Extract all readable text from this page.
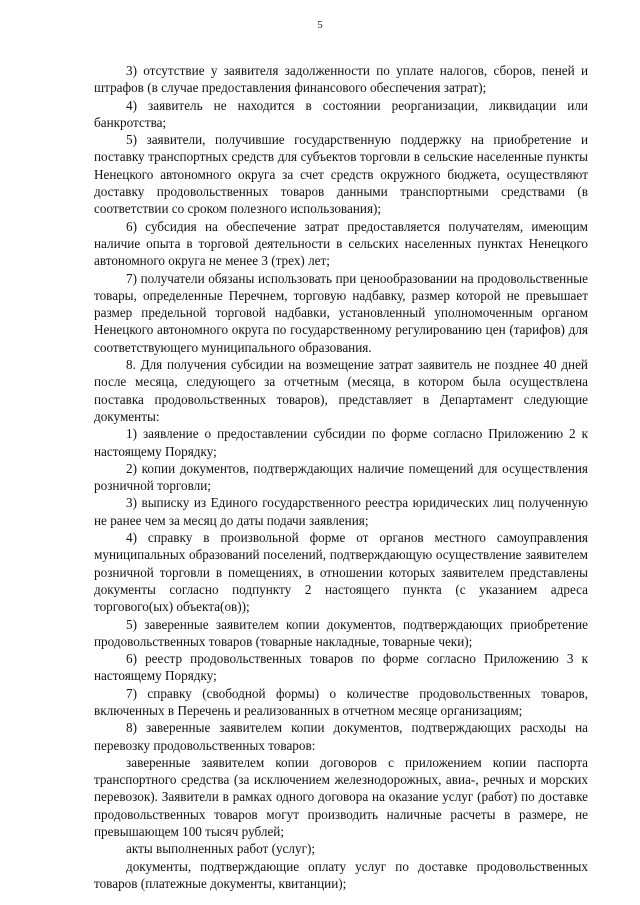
5

3) отсутствие у заявителя задолженности по уплате налогов, сборов, пеней и штрафов (в случае предоставления финансового обеспечения затрат);

4) заявитель не находится в состоянии реорганизации, ликвидации или банкротства;

5) заявители, получившие государственную поддержку на приобретение и поставку транспортных средств для субъектов торговли в сельские населенные пункты Ненецкого автономного округа за счет средств окружного бюджета, осуществляют доставку продовольственных товаров данными транспортными средствами (в соответствии со сроком полезного использования);

6) субсидия на обеспечение затрат предоставляется получателям, имеющим наличие опыта в торговой деятельности в сельских населенных пунктах Ненецкого автономного округа не менее 3 (трех) лет;

7) получатели обязаны использовать при ценообразовании на продовольственные товары, определенные Перечнем, торговую надбавку, размер которой не превышает размер предельной торговой надбавки, установленный уполномоченным органом Ненецкого автономного округа по государственному регулированию цен (тарифов) для соответствующего муниципального образования.

8. Для получения субсидии на возмещение затрат заявитель не позднее 40 дней после месяца, следующего за отчетным (месяца, в котором была осуществлена поставка продовольственных товаров), представляет в Департамент следующие документы:

1) заявление о предоставлении субсидии по форме согласно Приложению 2 к настоящему Порядку;

2) копии документов, подтверждающих наличие помещений для осуществления розничной торговли;

3) выписку из Единого государственного реестра юридических лиц полученную не ранее чем за месяц до даты подачи заявления;

4) справку в произвольной форме от органов местного самоуправления муниципальных образований поселений, подтверждающую осуществление заявителем розничной торговли в помещениях, в отношении которых заявителем представлены документы согласно подпункту 2 настоящего пункта (с указанием адреса торгового(ых) объекта(ов));

5) заверенные заявителем копии документов, подтверждающих приобретение продовольственных товаров (товарные накладные, товарные чеки);

6) реестр продовольственных товаров по форме согласно Приложению 3 к настоящему Порядку;

7) справку (свободной формы) о количестве продовольственных товаров, включенных в Перечень и реализованных в отчетном месяце организациям;

8) заверенные заявителем копии документов, подтверждающих расходы на перевозку продовольственных товаров:

заверенные заявителем копии договоров с приложением копии паспорта транспортного средства (за исключением железнодорожных, авиа-, речных и морских перевозок). Заявители в рамках одного договора на оказание услуг (работ) по доставке продовольственных товаров могут производить наличные расчеты в размере, не превышающем 100 тысяч рублей;

акты выполненных работ (услуг);

документы, подтверждающие оплату услуг по доставке продовольственных товаров (платежные документы, квитанции);
